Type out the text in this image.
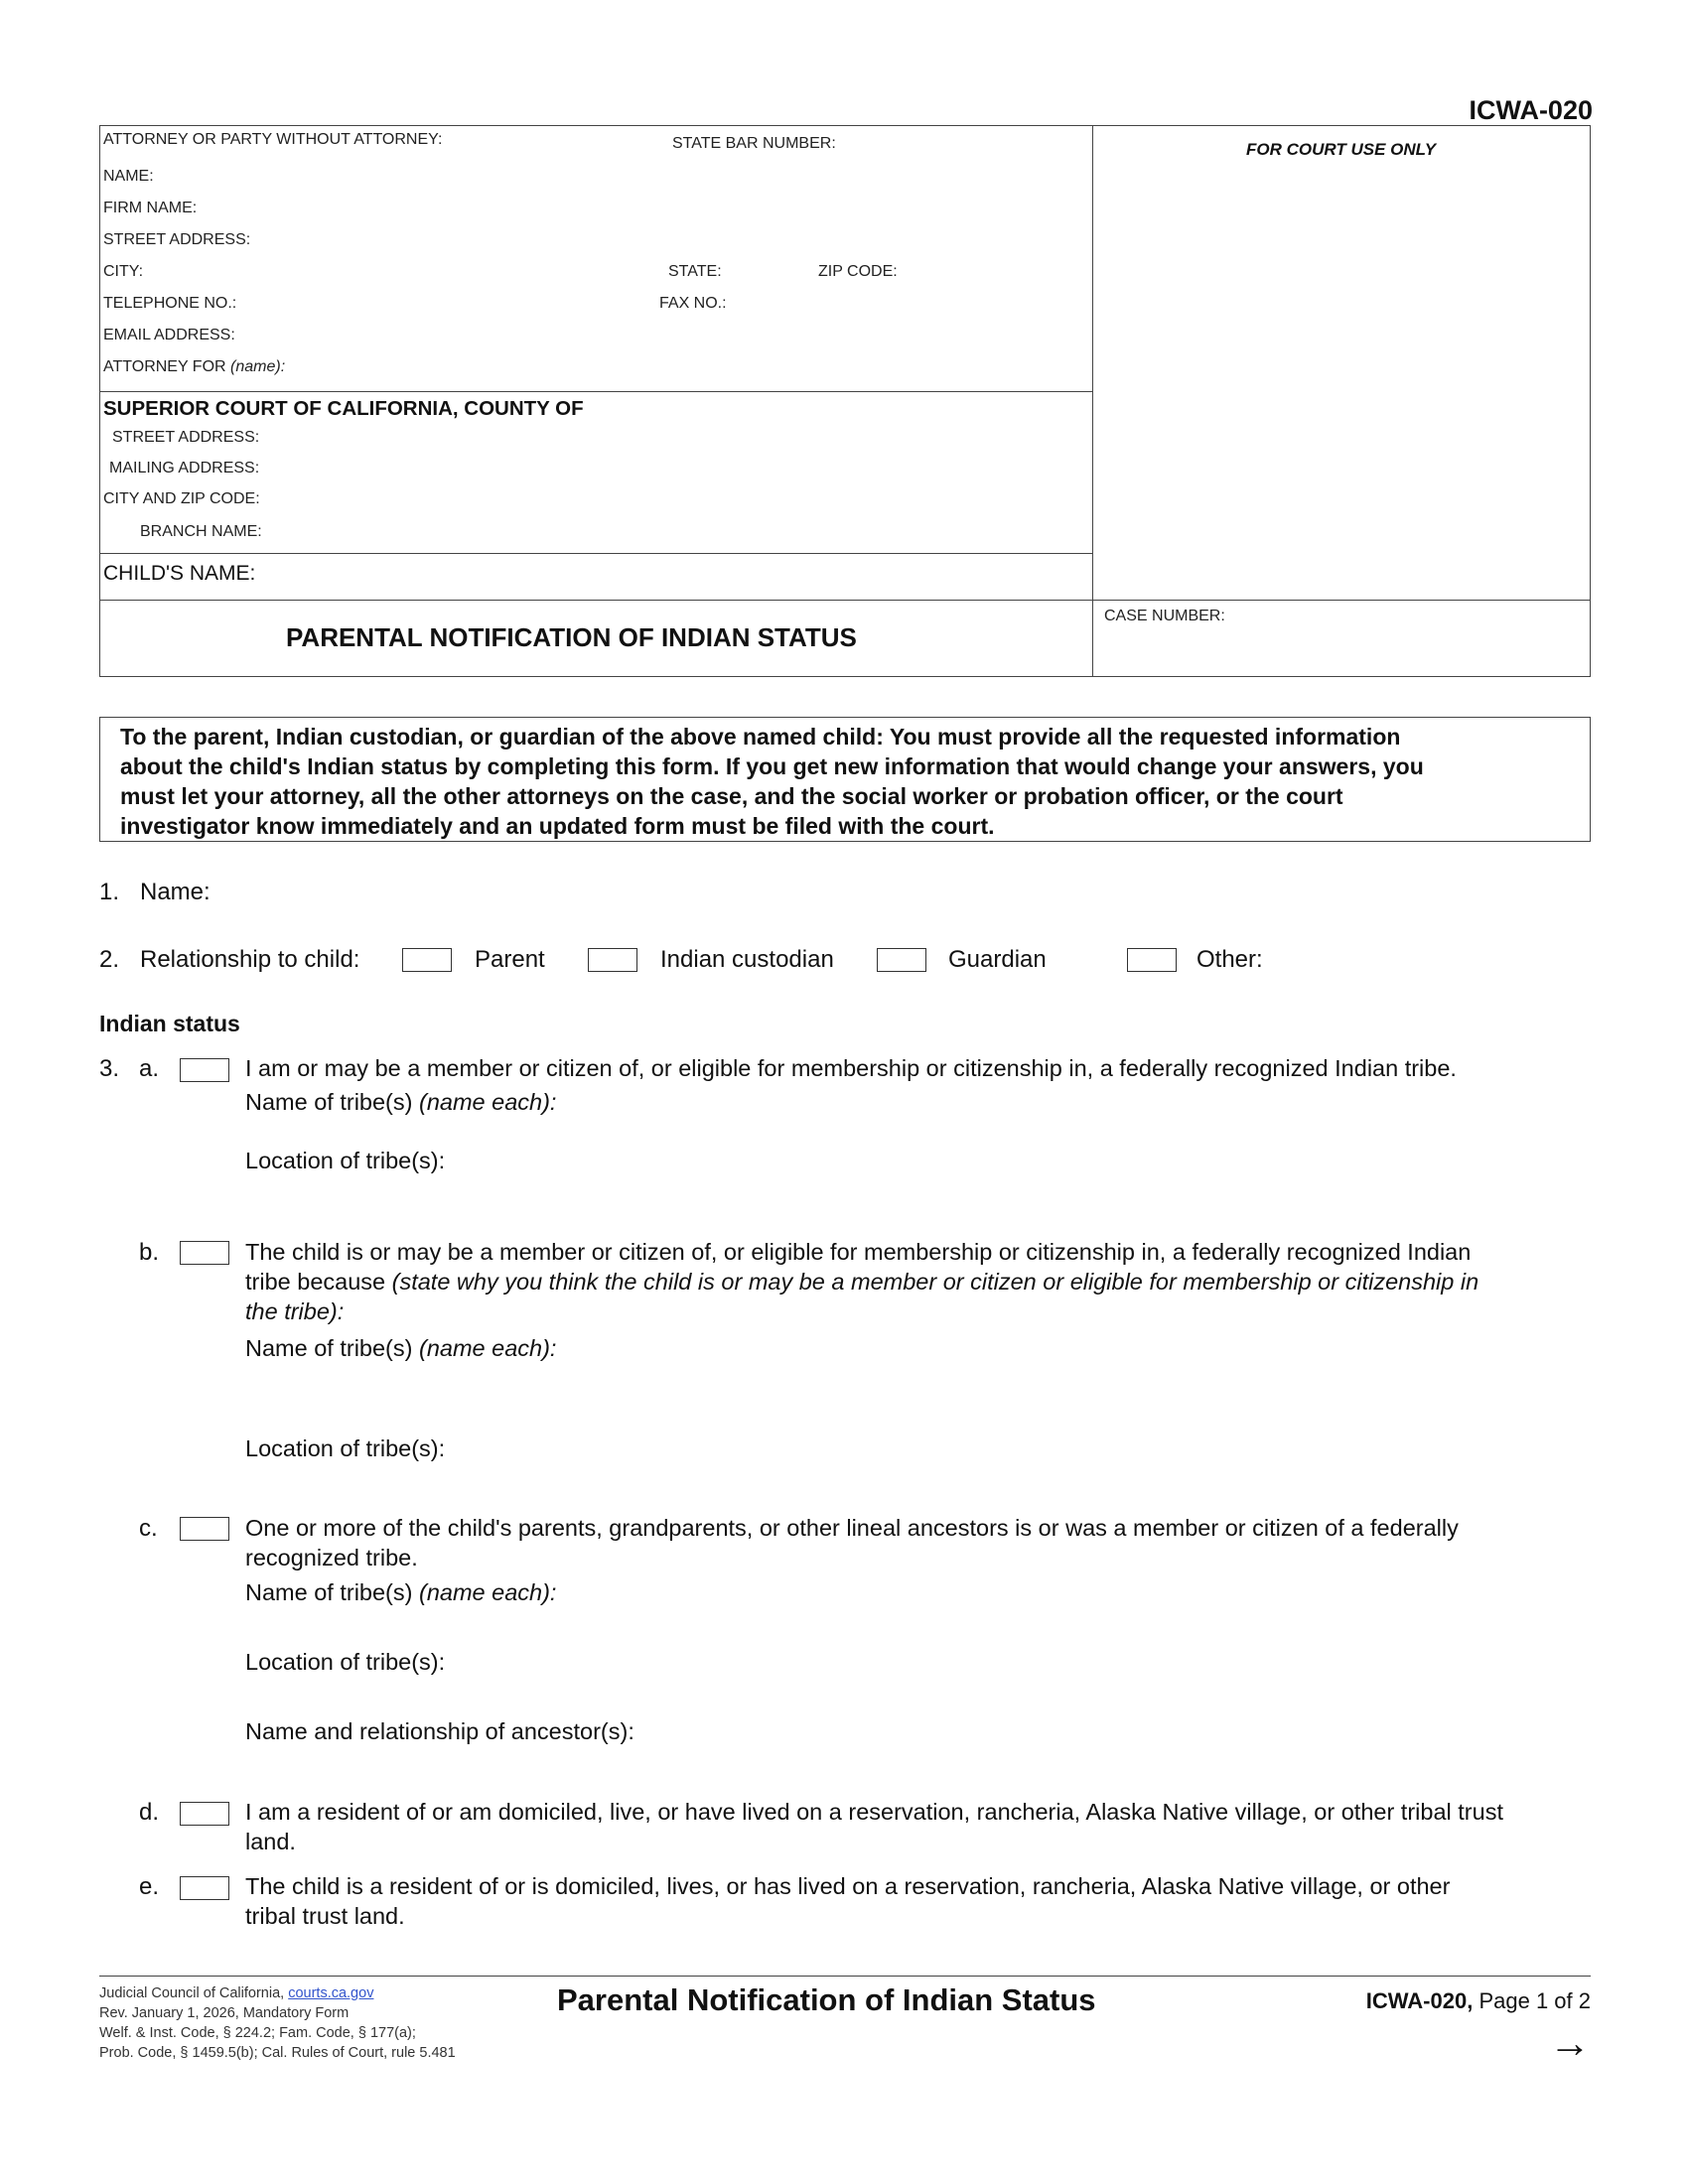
ICWA-020
ATTORNEY OR PARTY WITHOUT ATTORNEY:	STATE BAR NUMBER:
NAME:
FIRM NAME:
STREET ADDRESS:
CITY:	STATE:	ZIP CODE:
TELEPHONE NO.:	FAX NO.:
EMAIL ADDRESS:
ATTORNEY FOR (name):
FOR COURT USE ONLY
SUPERIOR COURT OF CALIFORNIA, COUNTY OF
STREET ADDRESS:
MAILING ADDRESS:
CITY AND ZIP CODE:
BRANCH NAME:
CHILD'S NAME:
PARENTAL NOTIFICATION OF INDIAN STATUS
CASE NUMBER:
To the parent, Indian custodian, or guardian of the above named child: You must provide all the requested information
about the child's Indian status by completing this form. If you get new information that would change your answers, you
must let your attorney, all the other attorneys on the case, and the social worker or probation officer, or the court
investigator know immediately and an updated form must be filed with the court.
1. Name:
2. Relationship to child:	Parent	Indian custodian	Guardian	Other:
Indian status
3. a.	I am or may be a member or citizen of, or eligible for membership or citizenship in, a federally recognized Indian tribe.
Name of tribe(s) (name each):
Location of tribe(s):
b.	The child is or may be a member or citizen of, or eligible for membership or citizenship in, a federally recognized Indian
tribe because (state why you think the child is or may be a member or citizen or eligible for membership or citizenship in
the tribe):
Name of tribe(s) (name each):
Location of tribe(s):
c.	One or more of the child's parents, grandparents, or other lineal ancestors is or was a member or citizen of a federally
recognized tribe.
Name of tribe(s) (name each):
Location of tribe(s):
Name and relationship of ancestor(s):
d.	I am a resident of or am domiciled, live, or have lived on a reservation, rancheria, Alaska Native village, or other tribal trust
land.
e.	The child is a resident of or is domiciled, lives, or has lived on a reservation, rancheria, Alaska Native village, or other
tribal trust land.
Judicial Council of California, courts.ca.gov
Rev. January 1, 2026, Mandatory Form
Welf. & Inst. Code, § 224.2; Fam. Code, § 177(a);
Prob. Code, § 1459.5(b); Cal. Rules of Court, rule 5.481
Parental Notification of Indian Status	ICWA-020, Page 1 of 2
→
